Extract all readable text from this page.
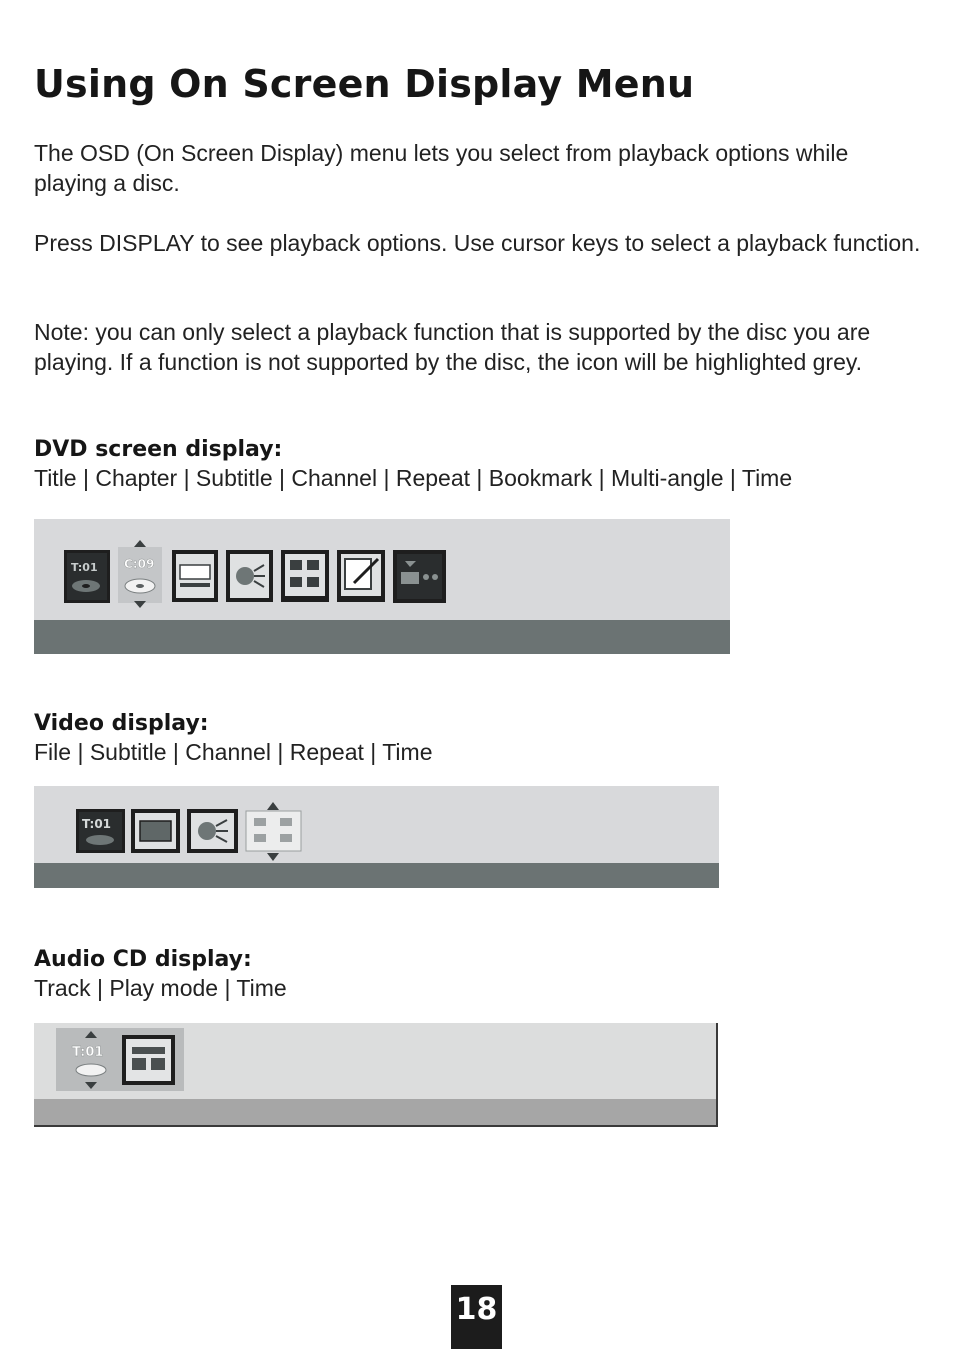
Using On Screen Display Menu

The OSD (On Screen Display) menu lets you select from playback options while playing a disc.

Press DISPLAY to see playback options. Use cursor keys to select a playback function.

Note: you can only select a playback function that is supported by the disc you are playing. If a function is not supported by the disc, the icon will be highlighted grey.

DVD screen display:

Title | Chapter | Subtitle | Channel | Repeat | Bookmark | Multi-angle | Time

T:01 C:09
Video display:

File | Subtitle | Channel | Repeat | Time

T:01
Audio CD display:

Track | Play mode | Time

T:01
18
